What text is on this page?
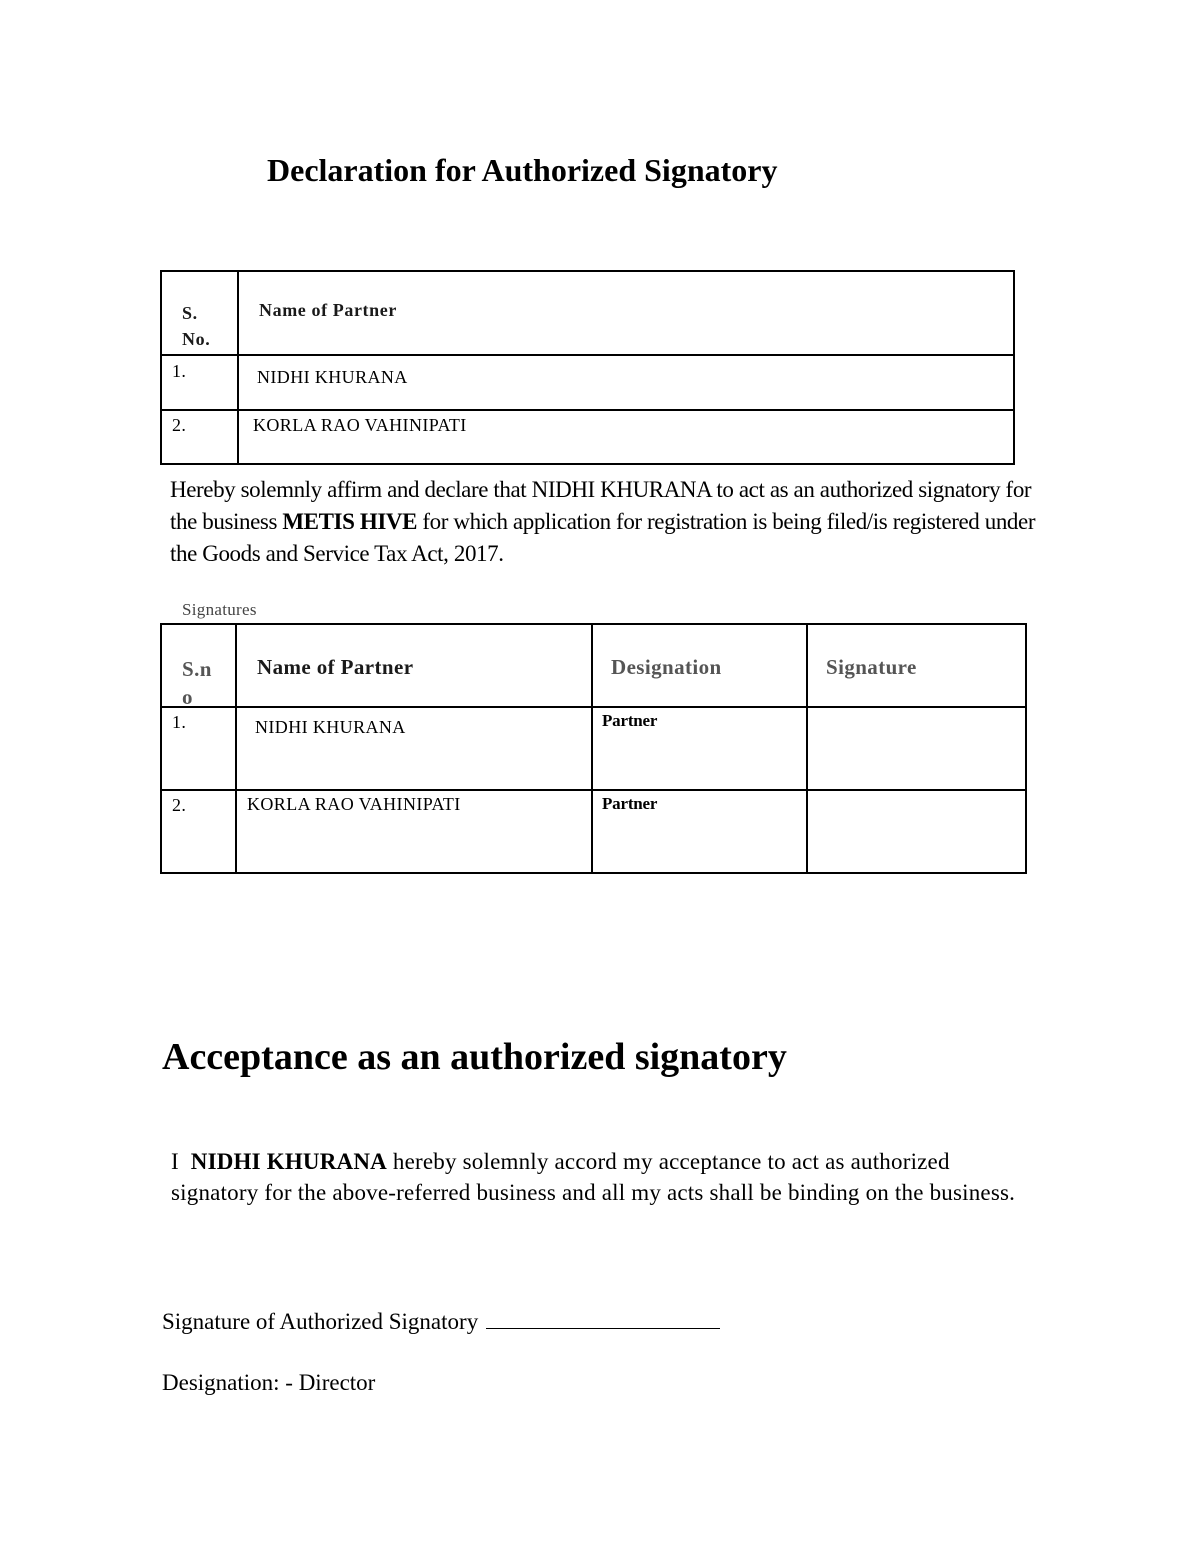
Declaration for Authorized Signatory
S.
No.	Name of Partner

1.	NIDHI KHURANA

2.	KORLA RAO VAHINIPATI
Hereby solemnly affirm and declare that NIDHI KHURANA to act as an authorized signatory for the business METIS HIVE for which application for registration is being filed/is registered under the Goods and Service Tax Act, 2017.
Signatures
S.n
o	Name of Partner	Designation	Signature

1.	NIDHI KHURANA	Partner	

2.	KORLA RAO VAHINIPATI	Partner	

Acceptance as an authorized signatory
I  NIDHI KHURANA hereby solemnly accord my acceptance to act as authorized signatory for the above-referred business and all my acts shall be binding on the business.
Signature of Authorized Signatory
Designation: - Director
